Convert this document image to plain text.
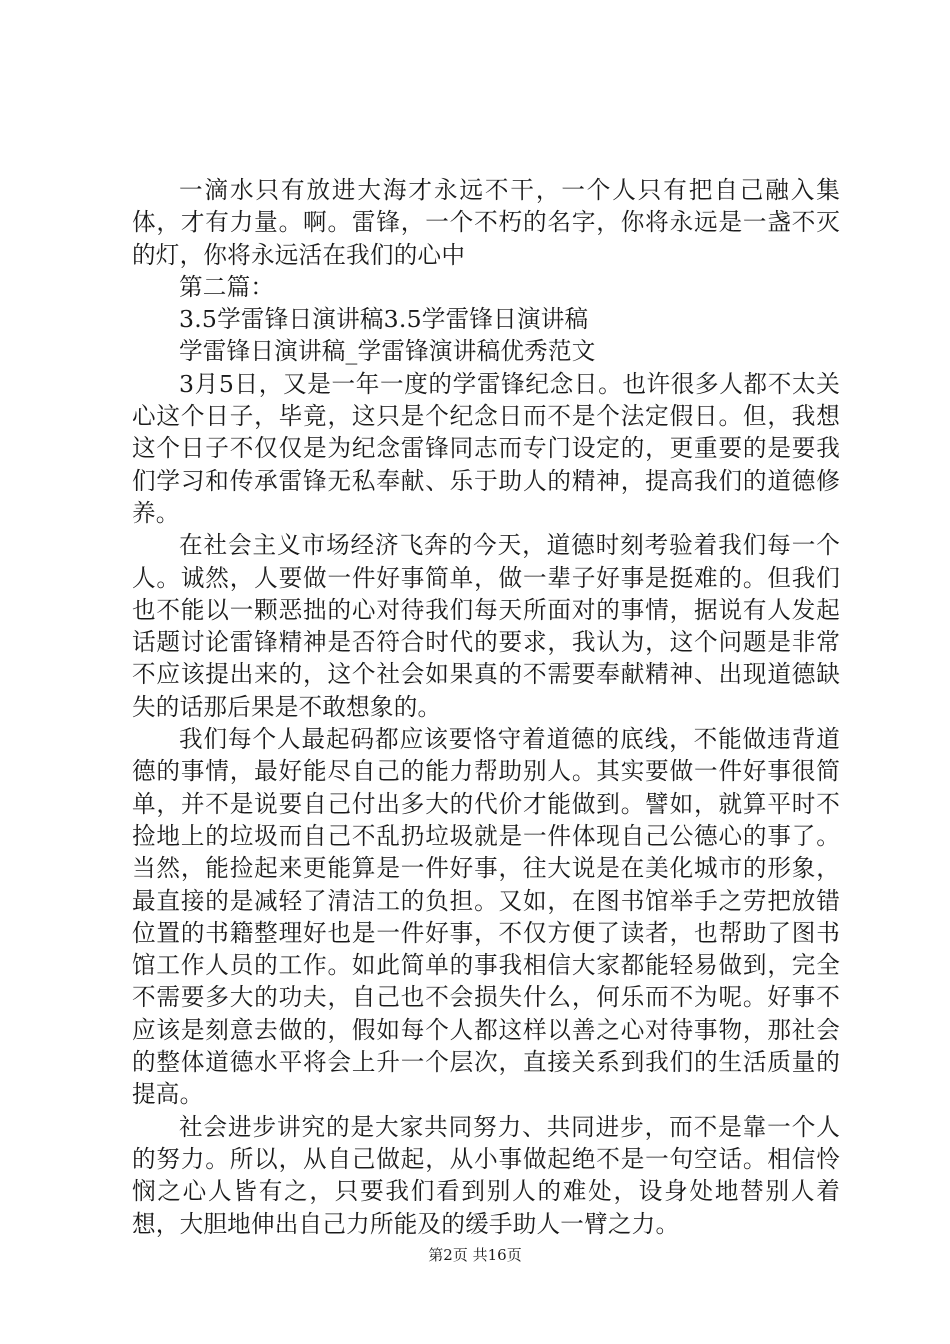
一滴水只有放进大海才永远不干，一个人只有把自己融入集体，才有力量。啊。雷锋，一个不朽的名字，你将永远是一盏不灭的灯，你将永远活在我们的心中

第二篇：

3.5学雷锋日演讲稿3.5学雷锋日演讲稿

学雷锋日演讲稿_学雷锋演讲稿优秀范文

3月5日，又是一年一度的学雷锋纪念日。也许很多人都不太关心这个日子，毕竟，这只是个纪念日而不是个法定假日。但，我想这个日子不仅仅是为纪念雷锋同志而专门设定的，更重要的是要我们学习和传承雷锋无私奉献、乐于助人的精神，提高我们的道德修养。

在社会主义市场经济飞奔的今天，道德时刻考验着我们每一个人。诚然，人要做一件好事简单，做一辈子好事是挺难的。但我们也不能以一颗恶拙的心对待我们每天所面对的事情，据说有人发起话题讨论雷锋精神是否符合时代的要求，我认为，这个问题是非常不应该提出来的，这个社会如果真的不需要奉献精神、出现道德缺失的话那后果是不敢想象的。

我们每个人最起码都应该要恪守着道德的底线，不能做违背道德的事情，最好能尽自己的能力帮助别人。其实要做一件好事很简单，并不是说要自己付出多大的代价才能做到。譬如，就算平时不捡地上的垃圾而自己不乱扔垃圾就是一件体现自己公德心的事了。当然，能捡起来更能算是一件好事，往大说是在美化城市的形象，最直接的是减轻了清洁工的负担。又如，在图书馆举手之劳把放错位置的书籍整理好也是一件好事，不仅方便了读者，也帮助了图书馆工作人员的工作。如此简单的事我相信大家都能轻易做到，完全不需要多大的功夫，自己也不会损失什么，何乐而不为呢。好事不应该是刻意去做的，假如每个人都这样以善之心对待事物，那社会的整体道德水平将会上升一个层次，直接关系到我们的生活质量的提高。

社会进步讲究的是大家共同努力、共同进步，而不是靠一个人的努力。所以，从自己做起，从小事做起绝不是一句空话。相信怜悯之心人皆有之，只要我们看到别人的难处，设身处地替别人着想，大胆地伸出自己力所能及的缓手助人一臂之力。

第2页 共16页
